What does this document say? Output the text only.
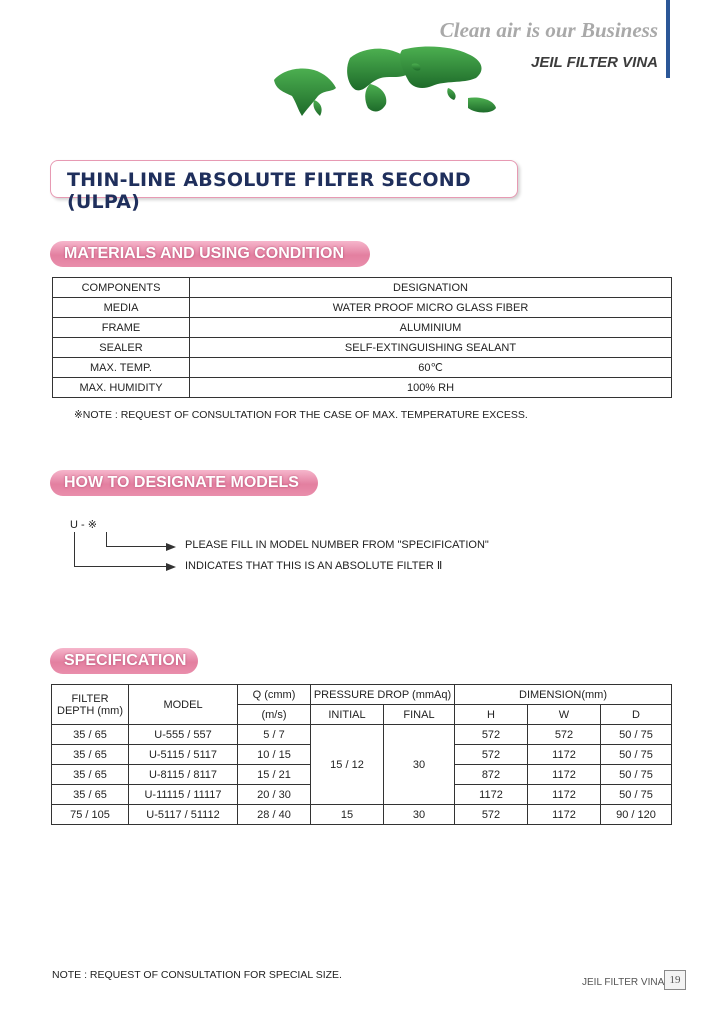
Clean air is our Business
JEIL FILTER VINA
THIN-LINE ABSOLUTE FILTER SECOND (ULPA)
MATERIALS AND USING CONDITION
COMPONENTS	DESIGNATION
MEDIA	WATER PROOF MICRO GLASS FIBER
FRAME	ALUMINIUM
SEALER	SELF-EXTINGUISHING SEALANT
MAX. TEMP.	60℃
MAX. HUMIDITY	100% RH
※NOTE : REQUEST OF CONSULTATION FOR THE CASE OF MAX. TEMPERATURE EXCESS.
HOW TO DESIGNATE MODELS
U - ※
PLEASE FILL IN MODEL NUMBER FROM "SPECIFICATION"
INDICATES THAT THIS IS AN ABSOLUTE FILTER Ⅱ
SPECIFICATION
FILTER DEPTH (mm)	MODEL	Q (cmm)	PRESSURE DROP (mmAq)		DIMENSION(mm)		
		(m/s)	INITIAL	FINAL	H	W	D
35 / 65	U-555 / 557	5 / 7	15 / 12	30	572	572	50 / 75
35 / 65	U-5115 / 5117	10 / 15			572	1172	50 / 75
35 / 65	U-8115 / 8117	15 / 21			872	1172	50 / 75
35 / 65	U-11115 / 11117	20 / 30			1172	1172	50 / 75
75 / 105	U-5117 / 51112	28 / 40	15	30	572	1172	90 / 120
NOTE : REQUEST OF CONSULTATION FOR SPECIAL SIZE.
JEIL FILTER VINA 19
